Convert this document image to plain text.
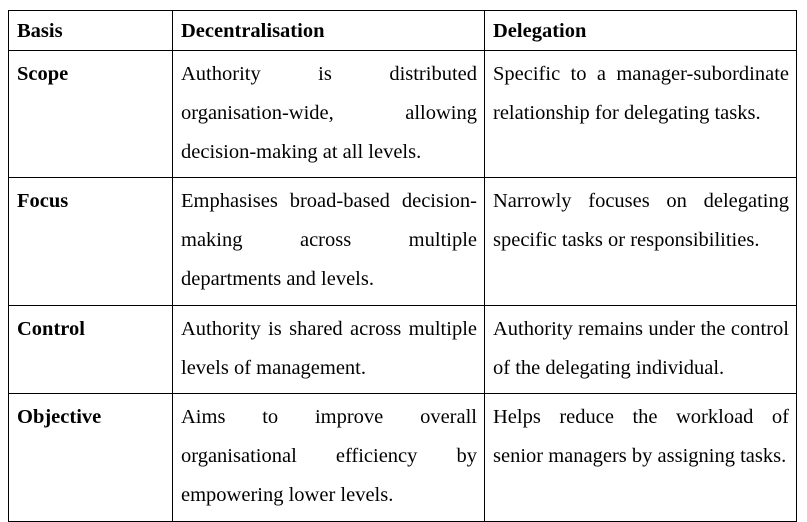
Basis	Decentralisation	Delegation
Scope	Authority is distributed organisation-wide, allowing decision-making at all levels.	Specific to a manager-subordinate relationship for delegating tasks.
Focus	Emphasises broad-based decision-making across multiple departments and levels.	Narrowly focuses on delegating specific tasks or responsibilities.
Control	Authority is shared across multiple levels of management.	Authority remains under the control of the delegating individual.
Objective	Aims to improve overall organisational efficiency by empowering lower levels.	Helps reduce the workload of senior managers by assigning tasks.
